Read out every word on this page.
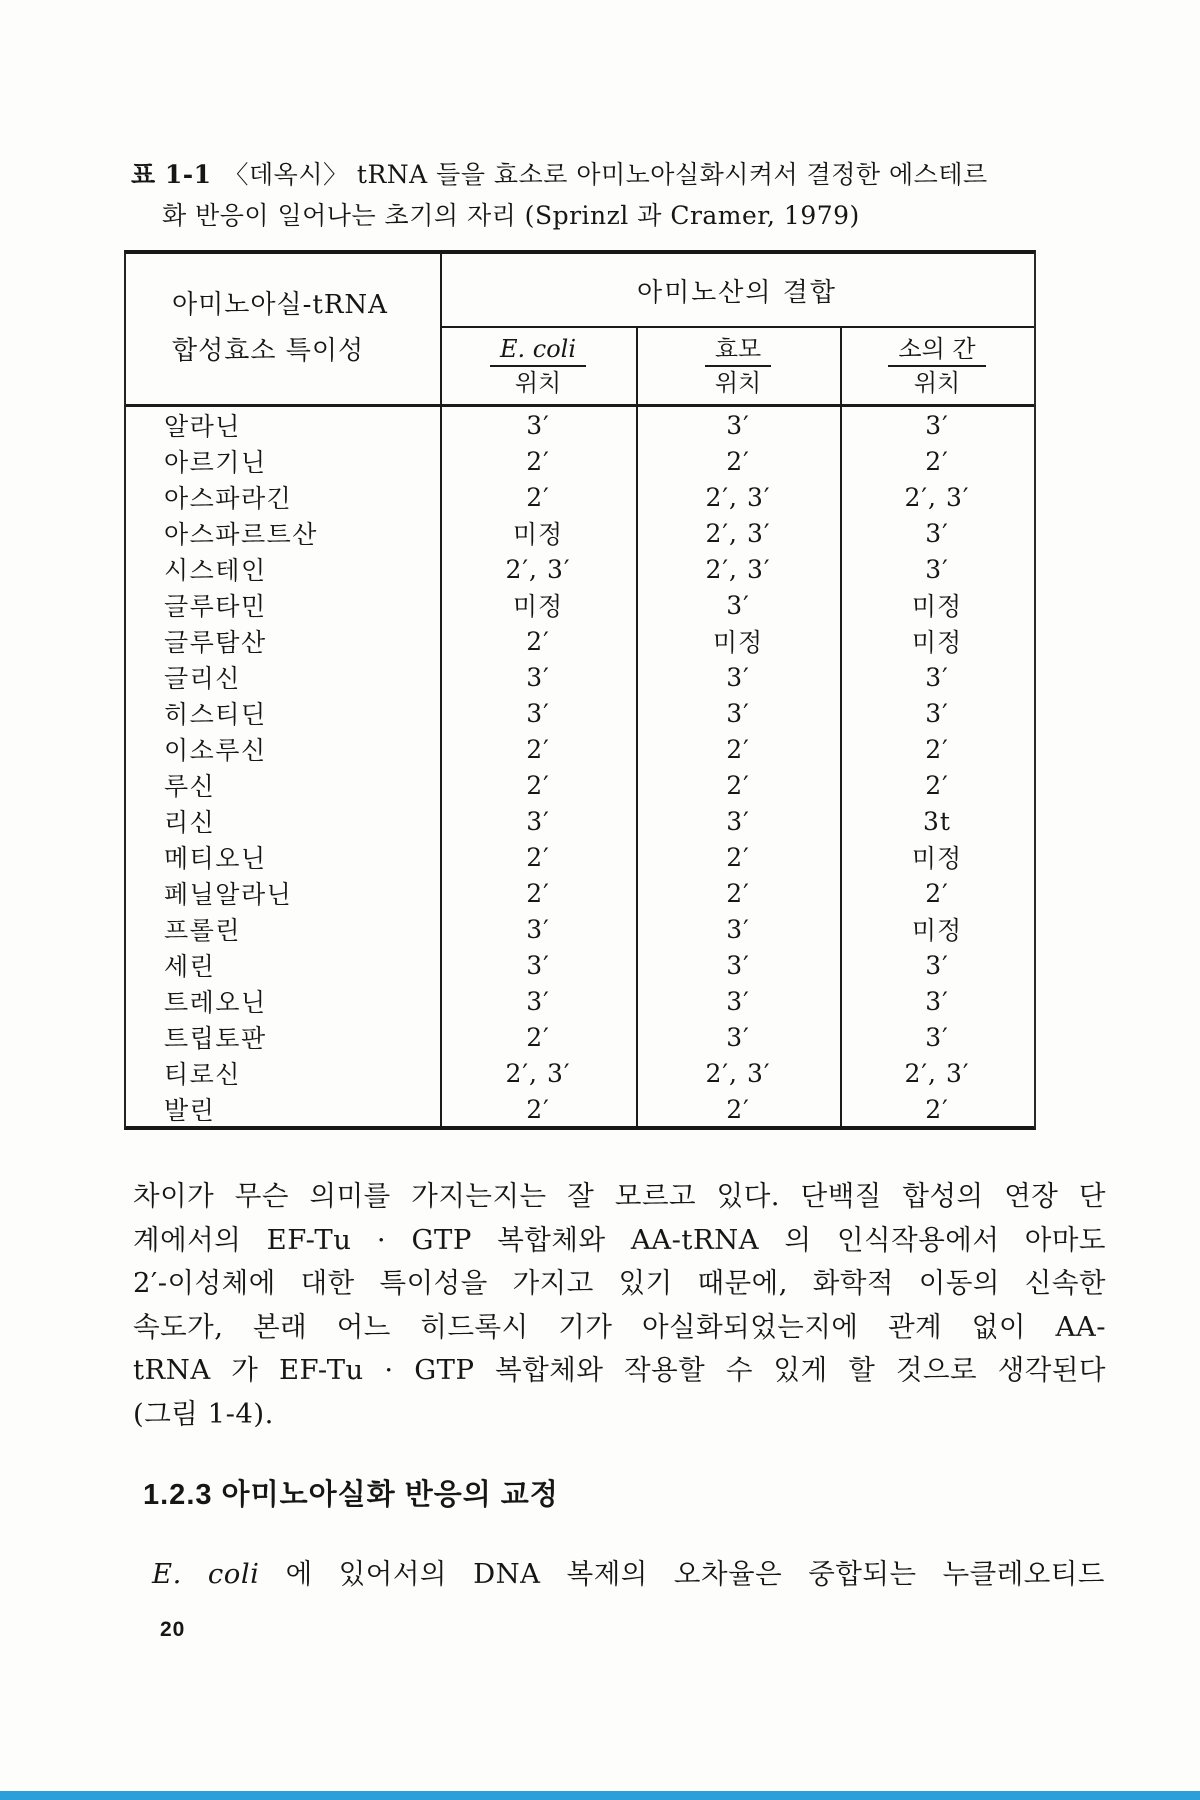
표 1-1 〈데옥시〉 tRNA 들을 효소로 아미노아실화시켜서 결정한 에스테르
화 반응이 일어나는 초기의 자리 (Sprinzl 과 Cramer, 1979)
아미노아실-tRNA
합성효소 특이성
아미노산의 결합
$\frac{\text{E. coli}}{\text{위치}}$	$\frac{\text{효모}}{\text{위치}}$	$\frac{\text{소의 간}}{\text{위치}}$
알라닌	3′	3′	3′
아르기닌	2′	2′	2′
아스파라긴	2′	2′, 3′	2′, 3′
아스파르트산	미정	2′, 3′	3′
시스테인	2′, 3′	2′, 3′	3′
글루타민	미정	3′	미정
글루탐산	2′	미정	미정
글리신	3′	3′	3′
히스티딘	3′	3′	3′
이소루신	2′	2′	2′
루신	2′	2′	2′
리신	3′	3′	3t
메티오닌	2′	2′	미정
페닐알라닌	2′	2′	2′
프롤린	3′	3′	미정
세린	3′	3′	3′
트레오닌	3′	3′	3′
트립토판	2′	3′	3′
티로신	2′, 3′	2′, 3′	2′, 3′
발린	2′	2′	2′
차이가 무슨 의미를 가지는지는 잘 모르고 있다. 단백질 합성의 연장 단
계에서의 EF-Tu · GTP 복합체와 AA-tRNA 의 인식작용에서 아마도
2′-이성체에 대한 특이성을 가지고 있기 때문에, 화학적 이동의 신속한
속도가, 본래 어느 히드록시 기가 아실화되었는지에 관계 없이 AA-
tRNA 가 EF-Tu · GTP 복합체와 작용할 수 있게 할 것으로 생각된다
(그림 1-4).
1.2.3 아미노아실화 반응의 교정
E. coli 에 있어서의 DNA 복제의 오차율은 중합되는 누클레오티드
20
